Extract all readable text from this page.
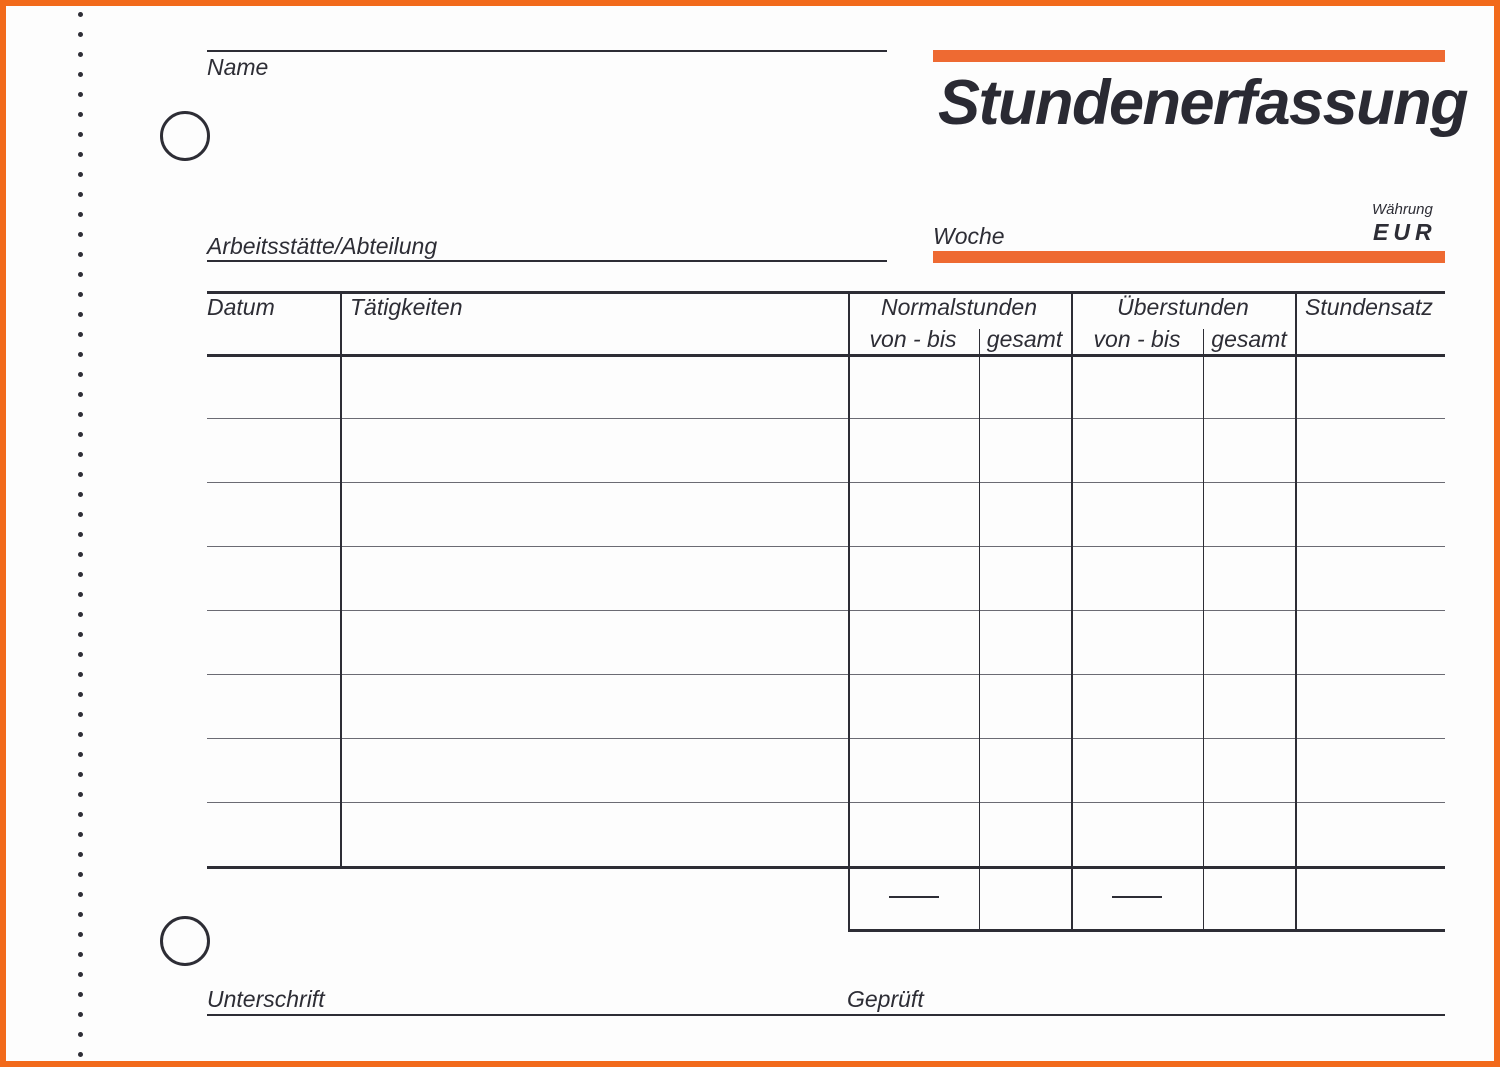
Name
Stundenerfassung
Arbeitsstätte/Abteilung	Woche
Währung
EUR
Datum	Tätigkeiten	Normalstunden	Überstunden	Stundensatz
von - bis	gesamt	von - bis	gesamt
Unterschrift	Geprüft
